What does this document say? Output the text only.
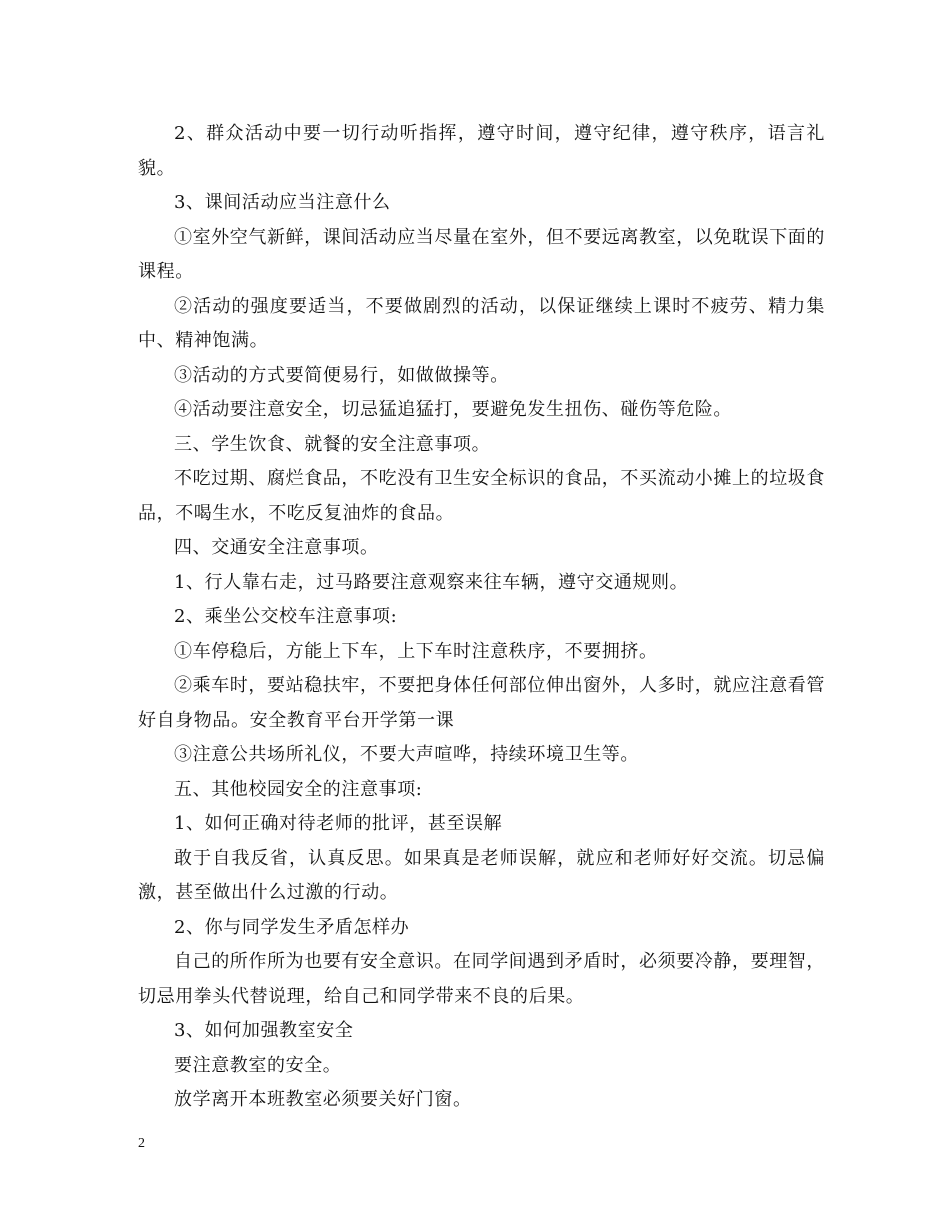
2、群众活动中要一切行动听指挥，遵守时间，遵守纪律，遵守秩序，语言礼貌。

3、课间活动应当注意什么

①室外空气新鲜，课间活动应当尽量在室外，但不要远离教室，以免耽误下面的课程。

②活动的强度要适当，不要做剧烈的活动，以保证继续上课时不疲劳、精力集中、精神饱满。

③活动的方式要简便易行，如做做操等。

④活动要注意安全，切忌猛追猛打，要避免发生扭伤、碰伤等危险。

三、学生饮食、就餐的安全注意事项。

不吃过期、腐烂食品，不吃没有卫生安全标识的食品，不买流动小摊上的垃圾食品，不喝生水，不吃反复油炸的食品。

四、交通安全注意事项。

1、行人靠右走，过马路要注意观察来往车辆，遵守交通规则。

2、乘坐公交校车注意事项:

①车停稳后，方能上下车，上下车时注意秩序，不要拥挤。

②乘车时，要站稳扶牢，不要把身体任何部位伸出窗外，人多时，就应注意看管好自身物品。安全教育平台开学第一课

③注意公共场所礼仪，不要大声喧哗，持续环境卫生等。

五、其他校园安全的注意事项:

1、如何正确对待老师的批评，甚至误解

敢于自我反省，认真反思。如果真是老师误解，就应和老师好好交流。切忌偏激，甚至做出什么过激的行动。

2、你与同学发生矛盾怎样办

自己的所作所为也要有安全意识。在同学间遇到矛盾时，必须要冷静，要理智，切忌用拳头代替说理，给自己和同学带来不良的后果。

3、如何加强教室安全

要注意教室的安全。

放学离开本班教室必须要关好门窗。

2
